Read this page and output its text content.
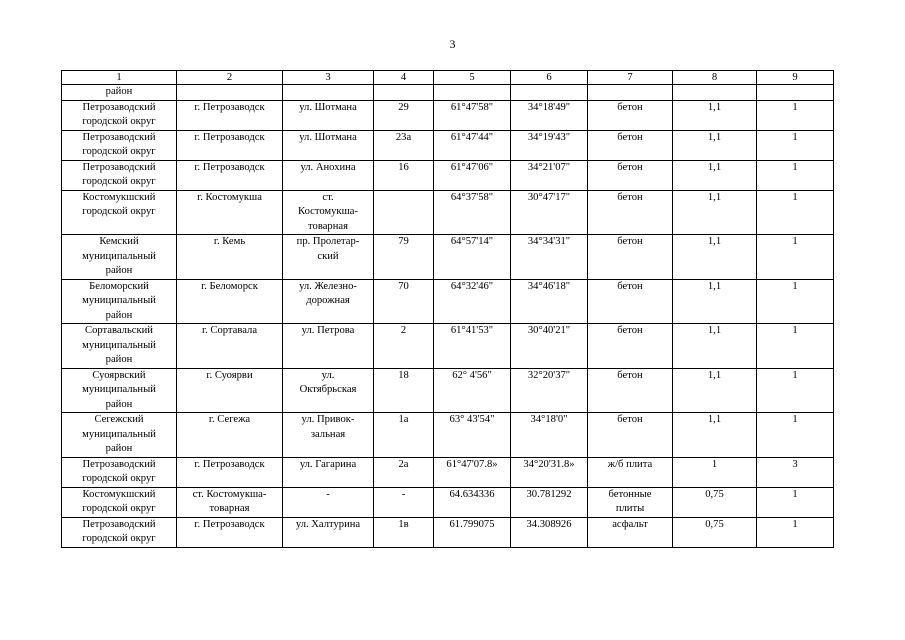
3
1	2	3	4	5	6	7	8	9
район								
Петрозаводский
городской округ	г. Петрозаводск	ул. Шотмана	29	61°47'58"	34°18'49"	бетон	1,1	1
Петрозаводский
городской округ	г. Петрозаводск	ул. Шотмана	23а	61°47'44"	34°19'43"	бетон	1,1	1
Петрозаводский
городской округ	г. Петрозаводск	ул. Анохина	16	61°47'06"	34°21'07"	бетон	1,1	1
Костомукшский
городской округ	г. Костомукша	ст.
Костомукша-
товарная		64°37'58"	30°47'17"	бетон	1,1	1
Кемский
муниципальный
район	г. Кемь	пр. Пролетар-
ский	79	64°57'14"	34°34'31"	бетон	1,1	1
Беломорский
муниципальный
район	г. Беломорск	ул. Железно-
дорожная	70	64°32'46"	34°46'18"	бетон	1,1	1
Сортавальский
муниципальный
район	г. Сортавала	ул. Петрова	2	61°41'53"	30°40'21"	бетон	1,1	1
Суоярвский
муниципальный
район	г. Суоярви	ул.
Октябрьская	18	62° 4'56"	32°20'37"	бетон	1,1	1
Сегежский
муниципальный
район	г. Сегежа	ул. Привок-
зальная	1а	63° 43'54"	34°18'0"	бетон	1,1	1
Петрозаводский
городской округ	г. Петрозаводск	ул. Гагарина	2а	61°47'07.8»	34°20'31.8»	ж/б плита	1	3
Костомукшский
городской округ	ст. Костомукша-
товарная	-	-	64.634336	30.781292	бетонные
плиты	0,75	1
Петрозаводский
городской округ	г. Петрозаводск	ул. Халтурина	1в	61.799075	34.308926	асфальт	0,75	1
